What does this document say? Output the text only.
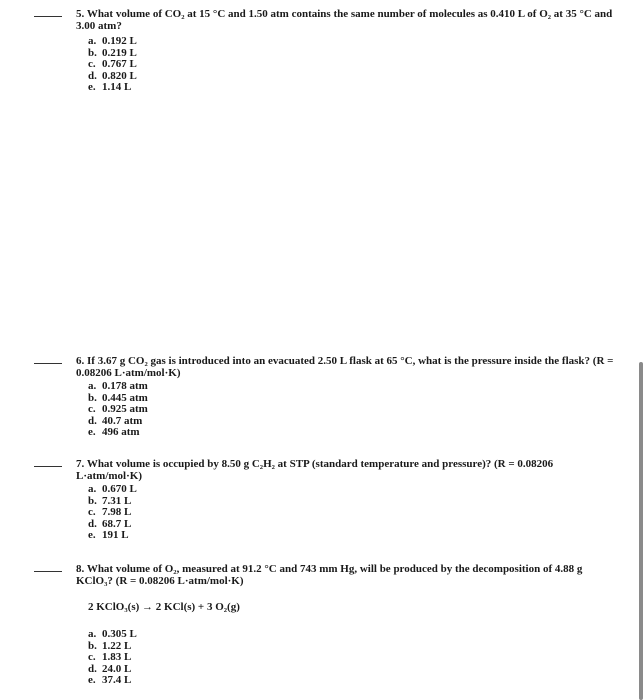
5. What volume of CO₂ at 15 °C and 1.50 atm contains the same number of molecules as 0.410 L of O₂ at 35 °C and 3.00 atm?
a. 0.192 L
b. 0.219 L
c. 0.767 L
d. 0.820 L
e. 1.14 L
6. If 3.67 g CO₂ gas is introduced into an evacuated 2.50 L flask at 65 °C, what is the pressure inside the flask? (R = 0.08206 L·atm/mol·K)
a. 0.178 atm
b. 0.445 atm
c. 0.925 atm
d. 40.7 atm
e. 496 atm
7. What volume is occupied by 8.50 g C₂H₂ at STP (standard temperature and pressure)? (R = 0.08206 L·atm/mol·K)
a. 0.670 L
b. 7.31 L
c. 7.98 L
d. 68.7 L
e. 191 L
8. What volume of O₂, measured at 91.2 °C and 743 mm Hg, will be produced by the decomposition of 4.88 g KClO₃? (R = 0.08206 L·atm/mol·K)
2 KClO₃(s) → 2 KCl(s) + 3 O₂(g)
a. 0.305 L
b. 1.22 L
c. 1.83 L
d. 24.0 L
e. 37.4 L
